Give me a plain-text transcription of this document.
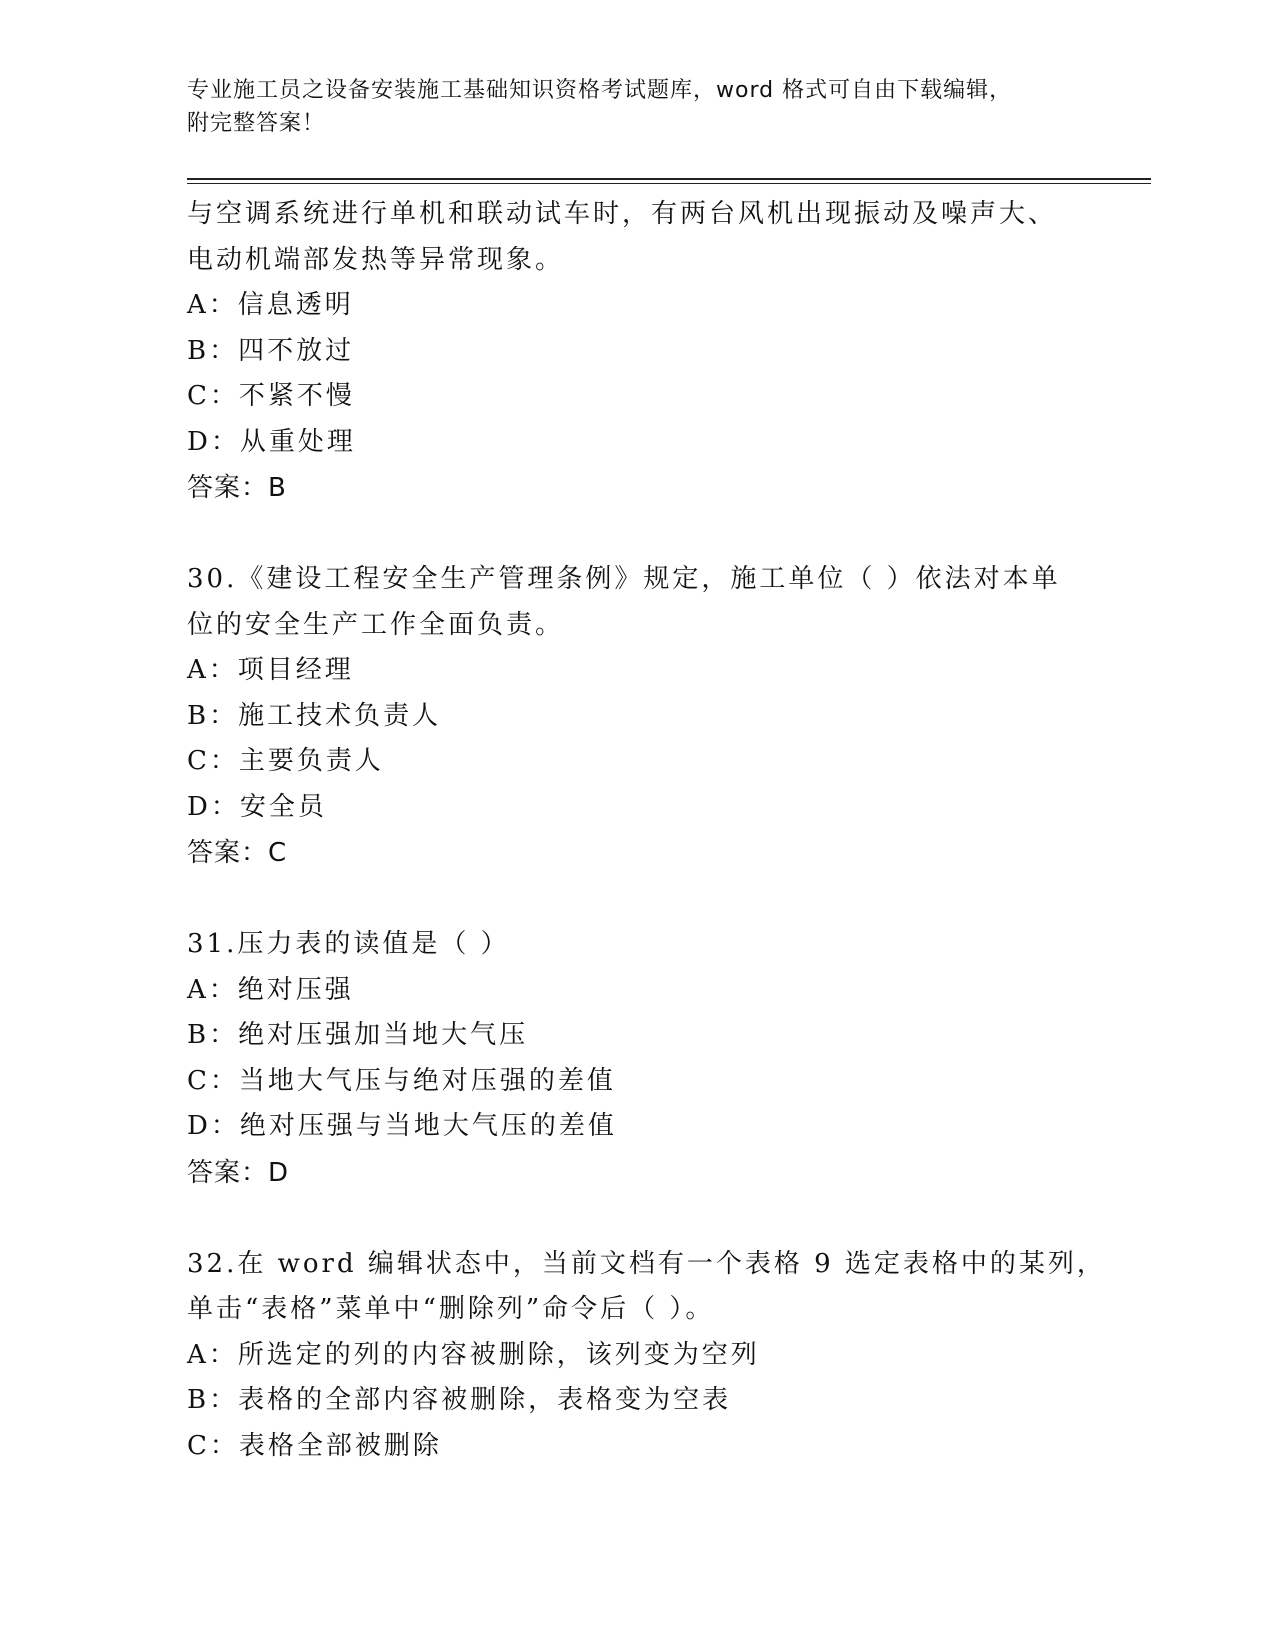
专业施工员之设备安装施工基础知识资格考试题库，word 格式可自由下载编辑，
附完整答案！
与空调系统进行单机和联动试车时，有两台风机出现振动及噪声大、
电动机端部发热等异常现象。
A：信息透明
B：四不放过
C：不紧不慢
D：从重处理
答案：B
30.《建设工程安全生产管理条例》规定，施工单位（ ）依法对本单
位的安全生产工作全面负责。
A：项目经理
B：施工技术负责人
C：主要负责人
D：安全员
答案：C
31.压力表的读值是（ ）
A：绝对压强
B：绝对压强加当地大气压
C：当地大气压与绝对压强的差值
D：绝对压强与当地大气压的差值
答案：D
32.在 word 编辑状态中，当前文档有一个表格 9 选定表格中的某列，
单击“表格”菜单中“删除列”命令后（ ）。
A：所选定的列的内容被删除，该列变为空列
B：表格的全部内容被删除，表格变为空表
C：表格全部被删除
